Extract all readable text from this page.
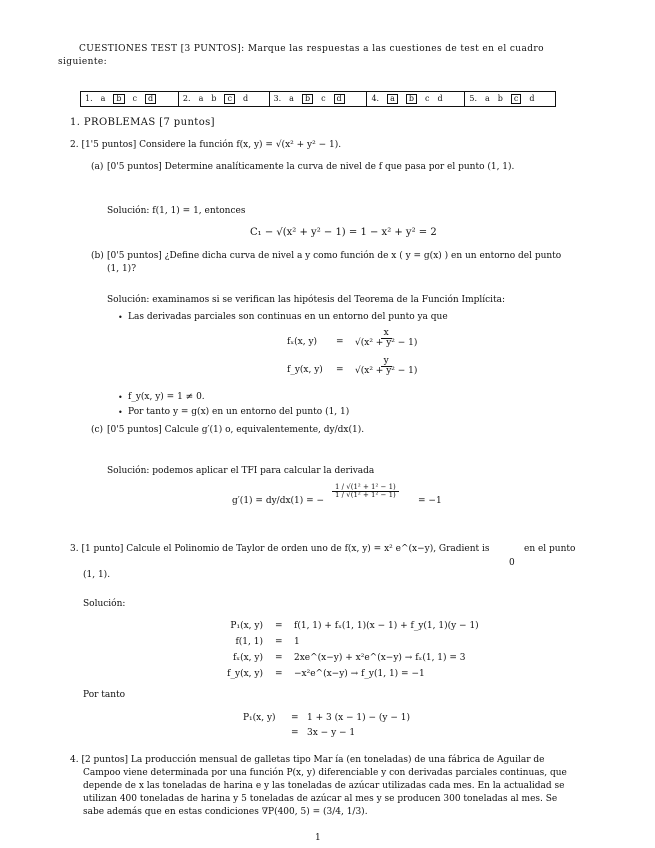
CUESTIONES TEST [3 PUNTOS]: Marque las respuestas a las cuestiones de test en el cuadro
siguiente:
1. a b c d	2. a b c d	3. a b c d	4. a b c d	5. a b c d
1. PROBLEMAS [7 puntos]
2. [1'5 puntos] Considere la función f(x, y) = √(x² + y² − 1).
(a) [0'5 puntos] Determine analíticamente la curva de nivel de f que pasa por el punto (1, 1).
Solución: f(1, 1) = 1, entonces
C₁ − √(x² + y² − 1) = 1 − x² + y² = 2
(b) [0'5 puntos] ¿Define dicha curva de nivel a y como función de x ( y = g(x) ) en un entorno del punto
(1, 1)?
Solución: examinamos si se verifican las hipótesis del Teorema de la Función Implícita:
• Las derivadas parciales son continuas en un entorno del punto ya que
fₓ(x, $y) = \frac{x}{\text{√(x² + y² − 1)}}$
f_y(x, $y) = \frac{y}{\text{√(x² + y² − 1)}}$
• f_y(x, y) = 1 ≠ 0.
• Por tanto y = g(x) en un entorno del punto (1, 1)
(c) [0'5 puntos] Calcule g′(1) o, equivalentemente, dy/dx(1).
Solución: podemos aplicar el TFI para calcular la derivada
g′(1) = dy/dx(1) = −
$\frac{\text{1 / √(1² + 1² − 1)}}{\text{1 / √(1² + 1² − 1)}}$
= −1
3. [1 punto] Calcule el Polinomio de Taylor de orden uno de f(x, y) = x² e^(x−y), Gradient is	en el punto
0
(1, 1).
Solución:
P₁(x, y) = f(1, 1) + fₓ(1, 1)(x − 1) + f_y(1, 1)(y − 1)
f(1, 1) = 1
fₓ(x, y) = 2xe^(x−y) + x²e^(x−y) → fₓ(1, 1) = 3
f_y(x, y) = −x²e^(x−y) → f_y(1, 1) = −1
Por tanto
P₁(x, y) = 1 + 3 (x − 1) − (y − 1)
= 3x − y − 1
4. [2 puntos] La producción mensual de galletas tipo Mar ía (en toneladas) de una fábrica de Aguilar de
Campoo viene determinada por una función P(x, y) diferenciable y con derivadas parciales continuas, que
depende de x las toneladas de harina e y las toneladas de azúcar utilizadas cada mes. En la actualidad se
utilizan 400 toneladas de harina y 5 toneladas de azúcar al mes y se producen 300 toneladas al mes. Se
sabe además que en estas condiciones ∇P(400, 5) = (3/4, 1/3).
1
